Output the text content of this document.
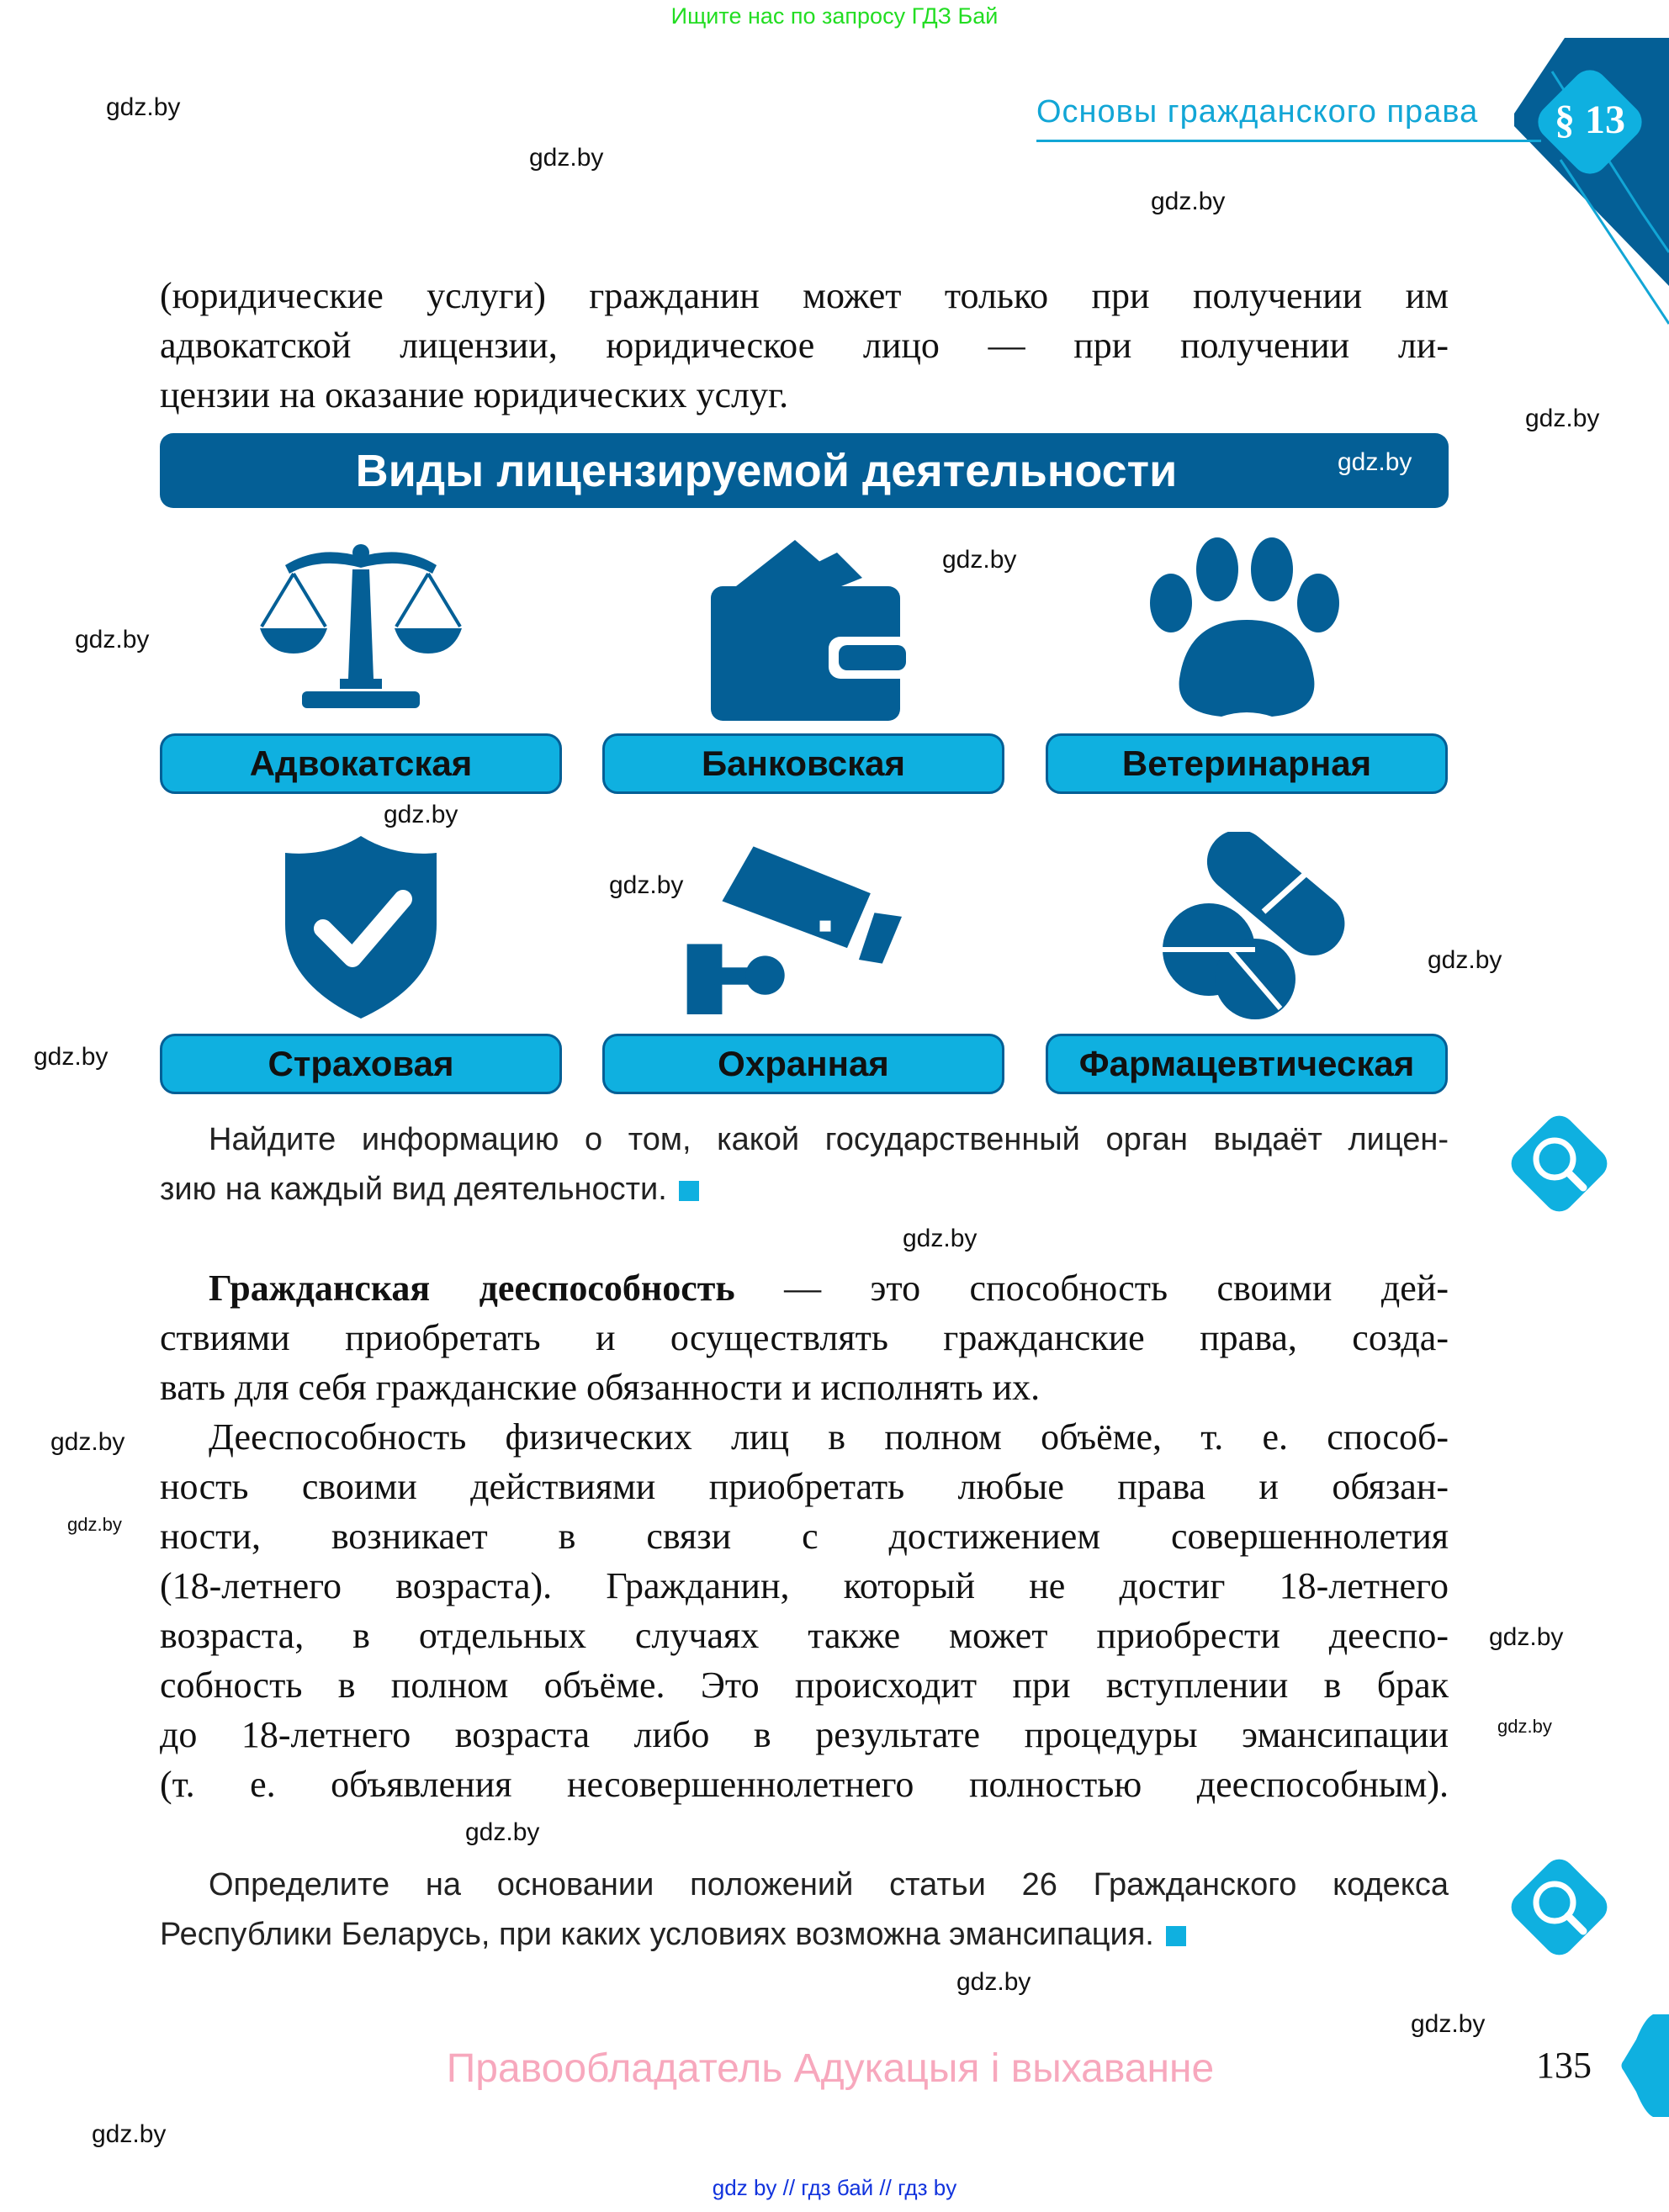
Ищите нас по запросу ГДЗ Бай
§ 13
Основы гражданского права
(юридические услуги) гражданин может только при получении им
адвокатской лицензии, юридическое лицо — при получении ли-
цензии на оказание юридических услуг.
Виды лицензируемой деятельности
Адвокатская	Банковская	Ветеринарная
Страховая	Охранная	Фармацевтическая
Найдите информацию о том, какой государственный орган выдаёт лицен-
зию на каждый вид деятельности.
Гражданская дееспособность — это способность своими дей-
ствиями приобретать и осуществлять гражданские права, созда-
вать для себя гражданские обязанности и исполнять их.
Дееспособность физических лиц в полном объёме, т. е. способ-
ность своими действиями приобретать любые права и обязан-
ности, возникает в связи с достижением совершеннолетия
(18-летнего возраста). Гражданин, который не достиг 18-летнего
возраста, в отдельных случаях также может приобрести дееспо-
собность в полном объёме. Это происходит при вступлении в брак
до 18-летнего возраста либо в результате процедуры эмансипации
(т. е. объявления несовершеннолетнего полностью дееспособным).
Определите на основании положений статьи 26 Гражданского кодекса
Республики Беларусь, при каких условиях возможна эмансипация.
Правообладатель Адукацыя і выхаванне	135
gdz by // гдз бай // гдз by
gdz.by
gdz.by
gdz.by
gdz.by
gdz.by
gdz.by
gdz.by
gdz.by
gdz.by
gdz.by
gdz.by
gdz.by
gdz.by
gdz.by
gdz.by
gdz.by
gdz.by
gdz.by
gdz.by
gdz.by
